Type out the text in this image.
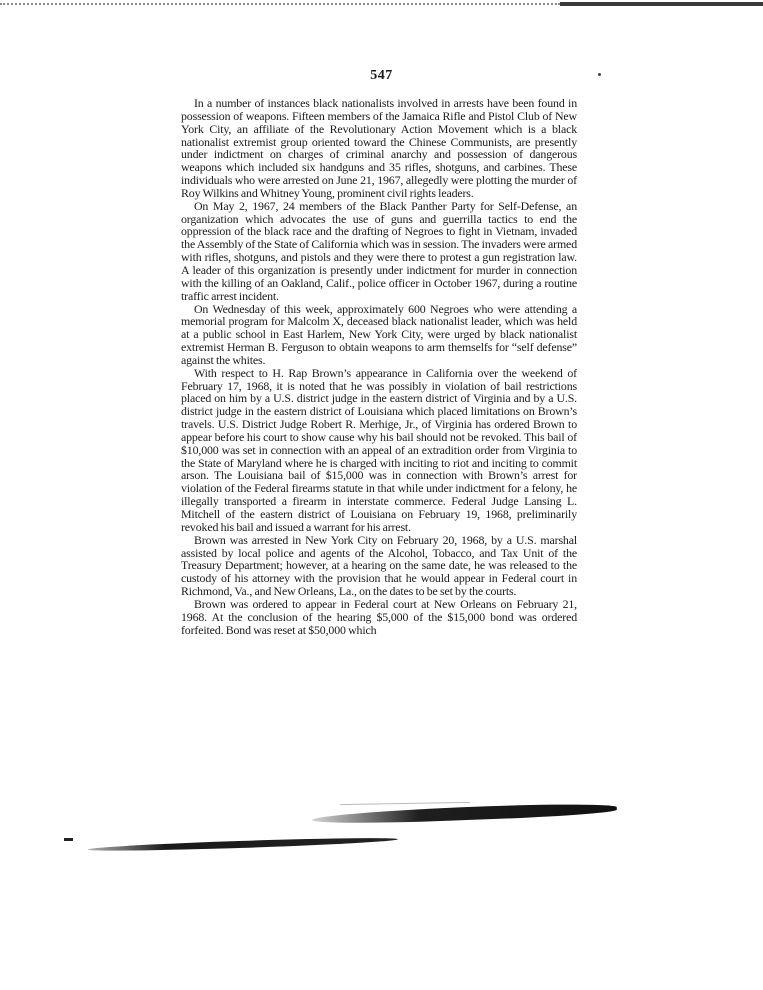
547

In a number of instances black nationalists involved in arrests have been found in possession of weapons. Fifteen members of the Jamaica Rifle and Pistol Club of New York City, an affiliate of the Revolutionary Action Movement which is a black nationalist extremist group oriented toward the Chinese Communists, are presently under indictment on charges of criminal anarchy and possession of dangerous weapons which included six handguns and 35 rifles, shotguns, and carbines. These individuals who were arrested on June 21, 1967, allegedly were plotting the murder of Roy Wilkins and Whitney Young, prominent civil rights leaders.

On May 2, 1967, 24 members of the Black Panther Party for Self-Defense, an organization which advocates the use of guns and guerrilla tactics to end the oppression of the black race and the drafting of Negroes to fight in Vietnam, invaded the Assembly of the State of California which was in session. The invaders were armed with rifles, shotguns, and pistols and they were there to protest a gun registration law. A leader of this organization is presently under indictment for murder in connection with the killing of an Oakland, Calif., police officer in October 1967, during a routine traffic arrest incident.

On Wednesday of this week, approximately 600 Negroes who were attending a memorial program for Malcolm X, deceased black nationalist leader, which was held at a public school in East Harlem, New York City, were urged by black nationalist extremist Herman B. Ferguson to obtain weapons to arm themselfs for “self defense” against the whites.

With respect to H. Rap Brown’s appearance in California over the weekend of February 17, 1968, it is noted that he was possibly in violation of bail restrictions placed on him by a U.S. district judge in the eastern district of Virginia and by a U.S. district judge in the eastern district of Louisiana which placed limitations on Brown’s travels. U.S. District Judge Robert R. Merhige, Jr., of Virginia has ordered Brown to appear before his court to show cause why his bail should not be revoked. This bail of $10,000 was set in connection with an appeal of an extradition order from Virginia to the State of Maryland where he is charged with inciting to riot and inciting to commit arson. The Louisiana bail of $15,000 was in connection with Brown’s arrest for violation of the Federal firearms statute in that while under indictment for a felony, he illegally transported a firearm in interstate commerce. Federal Judge Lansing L. Mitchell of the eastern district of Louisiana on February 19, 1968, preliminarily revoked his bail and issued a warrant for his arrest.

Brown was arrested in New York City on February 20, 1968, by a U.S. marshal assisted by local police and agents of the Alcohol, Tobacco, and Tax Unit of the Treasury Department; however, at a hearing on the same date, he was released to the custody of his attorney with the provision that he would appear in Federal court in Richmond, Va., and New Orleans, La., on the dates to be set by the courts.

Brown was ordered to appear in Federal court at New Orleans on February 21, 1968. At the conclusion of the hearing $5,000 of the $15,000 bond was ordered forfeited. Bond was reset at $50,000 which
